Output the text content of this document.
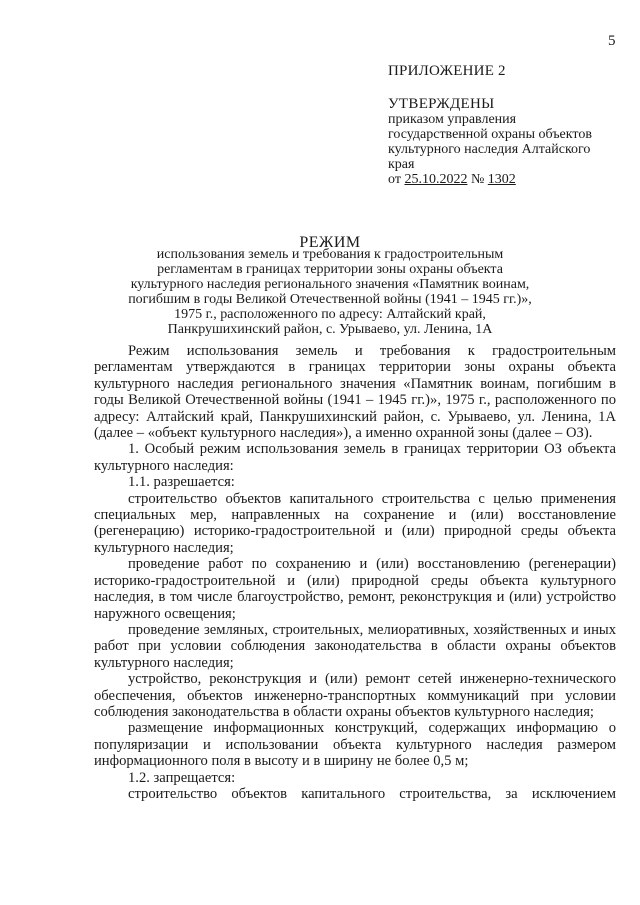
5
ПРИЛОЖЕНИЕ 2
УТВЕРЖДЕНЫ
приказом управления
государственной охраны объектов
культурного наследия Алтайского
края
от 25.10.2022 № 1302
РЕЖИМ
использования земель и требования к градостроительным
регламентам в границах территории зоны охраны объекта
культурного наследия регионального значения «Памятник воинам,
погибшим в годы Великой Отечественной войны (1941 – 1945 гг.)»,
1975 г., расположенного по адресу: Алтайский край,
Панкрушихинский район, с. Урываево, ул. Ленина, 1А

Режим использования земель и требования к градостроительным регламентам утверждаются в границах территории зоны охраны объекта культурного наследия регионального значения «Памятник воинам, погибшим в годы Великой Отечественной войны (1941 – 1945 гг.)», 1975 г., расположенного по адресу: Алтайский край, Панкрушихинский район, с. Урываево, ул. Ленина, 1А (далее – «объект культурного наследия»), а именно охранной зоны (далее – ОЗ).

1. Особый режим использования земель в границах территории ОЗ объекта культурного наследия:

1.1. разрешается:

строительство объектов капитального строительства с целью применения специальных мер, направленных на сохранение и (или) восстановление (регенерацию) историко-градостроительной и (или) природной среды объекта культурного наследия;

проведение работ по сохранению и (или) восстановлению (регенерации) историко-градостроительной и (или) природной среды объекта культурного наследия, в том числе благоустройство, ремонт, реконструкция и (или) устройство наружного освещения;

проведение земляных, строительных, мелиоративных, хозяйственных и иных работ при условии соблюдения законодательства в области охраны объектов культурного наследия;

устройство, реконструкция и (или) ремонт сетей инженерно-технического обеспечения, объектов инженерно-транспортных коммуникаций при условии соблюдения законодательства в области охраны объектов культурного наследия;

размещение информационных конструкций, содержащих информацию о популяризации и использовании объекта культурного наследия размером информационного поля в высоту и в ширину не более 0,5 м;

1.2. запрещается:

строительство объектов капитального строительства, за исключением
